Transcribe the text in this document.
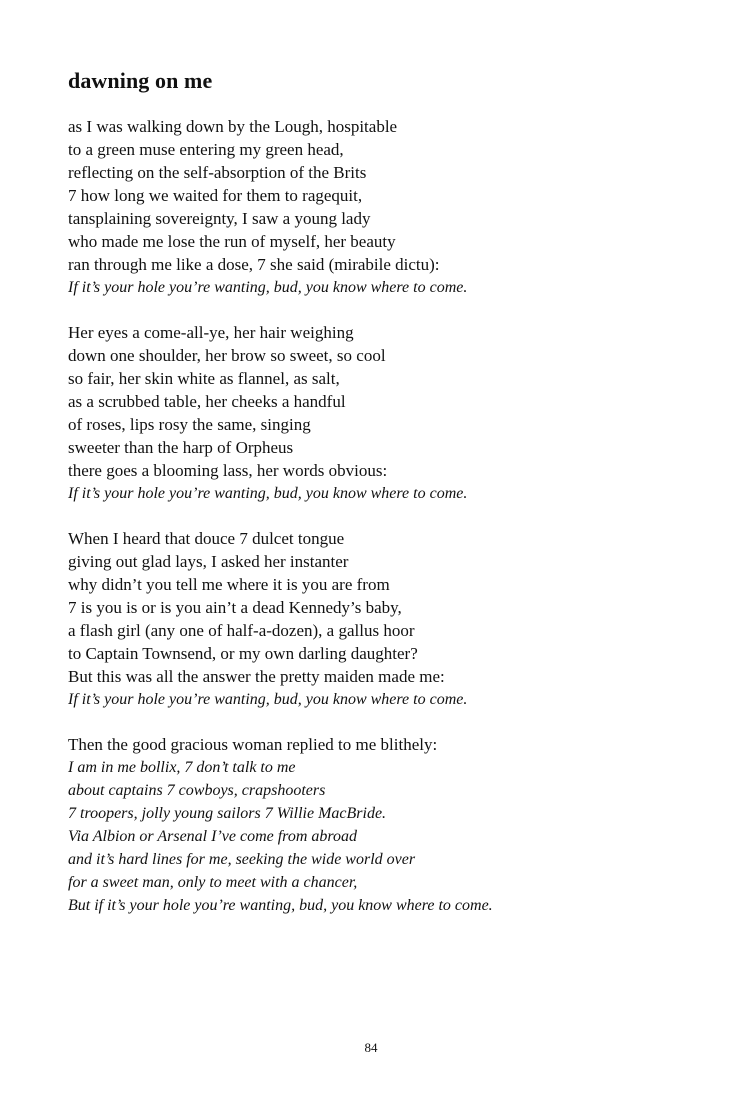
dawning on me
as I was walking down by the Lough, hospitable
to a green muse entering my green head,
reflecting on the self-absorption of the Brits
7 how long we waited for them to ragequit,
tansplaining sovereignty, I saw a young lady
who made me lose the run of myself, her beauty
ran through me like a dose, 7 she said (mirabile dictu):
If it’s your hole you’re wanting, bud, you know where to come.
Her eyes a come-all-ye, her hair weighing
down one shoulder, her brow so sweet, so cool
so fair, her skin white as flannel, as salt,
as a scrubbed table, her cheeks a handful
of roses, lips rosy the same, singing
sweeter than the harp of Orpheus
there goes a blooming lass, her words obvious:
If it’s your hole you’re wanting, bud, you know where to come.
When I heard that douce 7 dulcet tongue
giving out glad lays, I asked her instanter
why didn’t you tell me where it is you are from
7 is you is or is you ain’t a dead Kennedy’s baby,
a flash girl (any one of half-a-dozen), a gallus hoor
to Captain Townsend, or my own darling daughter?
But this was all the answer the pretty maiden made me:
If it’s your hole you’re wanting, bud, you know where to come.
Then the good gracious woman replied to me blithely:
I am in me bollix, 7 don’t talk to me
about captains 7 cowboys, crapshooters
7 troopers, jolly young sailors 7 Willie MacBride.
Via Albion or Arsenal I’ve come from abroad
and it’s hard lines for me, seeking the wide world over
for a sweet man, only to meet with a chancer,
But if it’s your hole you’re wanting, bud, you know where to come.
84
